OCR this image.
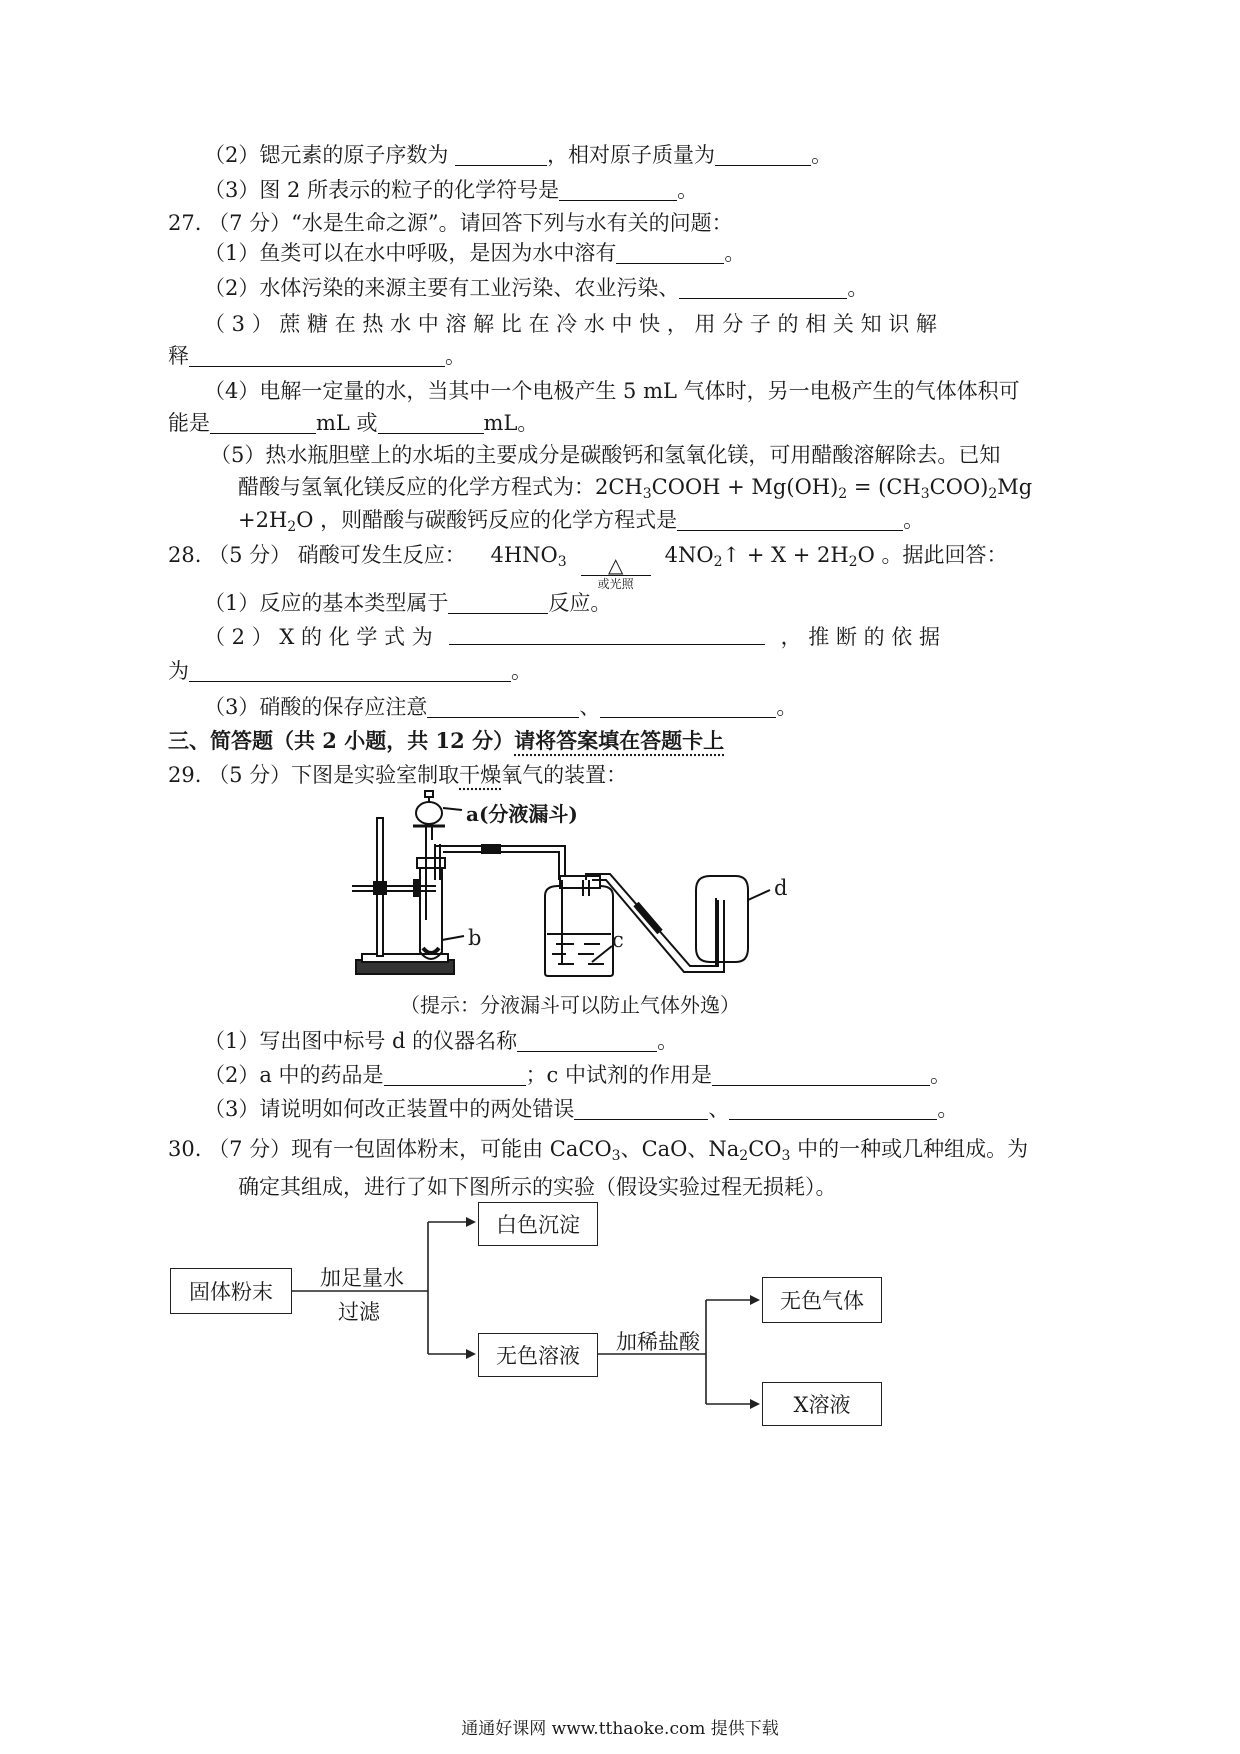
（2）锶元素的原子序数为	，相对原子质量为	。
（3）图 2 所表示的粒子的化学符号是	。
27. （7 分）“水是生命之源”。请回答下列与水有关的问题：
（1）鱼类可以在水中呼吸，是因为水中溶有	。
（2）水体污染的来源主要有工业污染、农业污染、	。
（ 3 ） 蔗 糖 在 热 水 中 溶 解 比 在 冷 水 中 快 ， 用 分 子 的 相 关 知 识 解
释	。
（4）电解一定量的水，当其中一个电极产生 5 mL 气体时，另一电极产生的气体体积可
能是	mL 或	mL。
（5）热水瓶胆壁上的水垢的主要成分是碳酸钙和氢氧化镁，可用醋酸溶解除去。已知
醋酸与氢氧化镁反应的化学方程式为：$2CH_3COOH + Mg(OH)_2 = (CH_3COO)_2Mg$
$+2H_2O$ ，则醋酸与碳酸钙反应的化学方程式是	。
28. （5 分） 硝酸可发生反应： $4HNO_3$ △
或光照
$4NO_2↑ + X + 2H_2O$ 。据此回答：
（1）反应的基本类型属于	反应。
（ 2 ） X 的 化 学 式 为	， 推 断 的 依 据
为	。
（3）硝酸的保存应注意	、	。
三、简答题（共 2 小题，共 12 分）请将答案填在答题卡上
29. （5 分）下图是实验室制取干燥氧气的装置：
a(分液漏斗)
b	c
d
（提示：分液漏斗可以防止气体外逸）
（1）写出图中标号 d 的仪器名称	。
（2）a 中的药品是	；c 中试剂的作用是	。
（3）请说明如何改正装置中的两处错误	、	。
30. （7 分）现有一包固体粉末，可能由 CaCO$_3$、CaO、$Na_2CO_3$ 中的一种或几种组成。为
确定其组成，进行了如下图所示的实验（假设实验过程无损耗）。
固体粉末
加足量水
过滤
白色沉淀
无色溶液
加稀盐酸
无色气体
X溶液
通通好课网 www.tthaoke.com 提供下载
